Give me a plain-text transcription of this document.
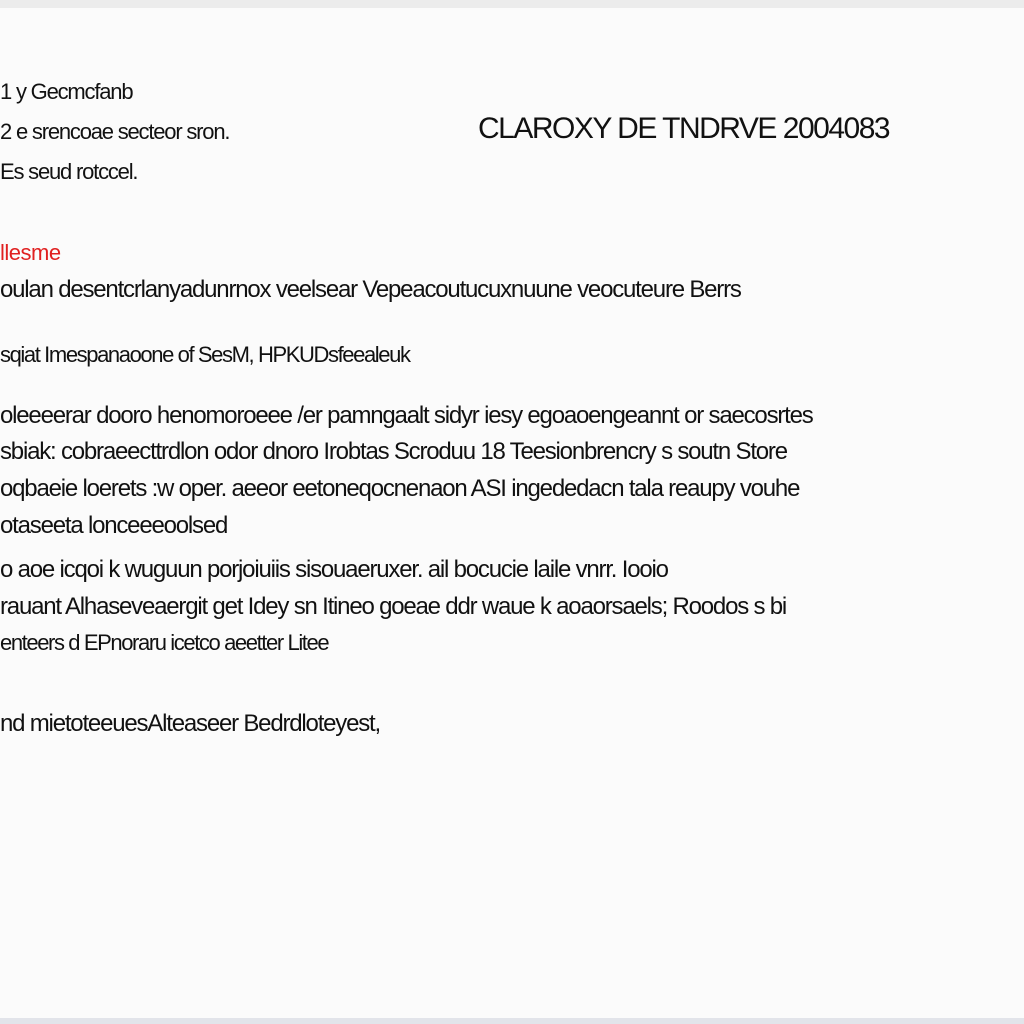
1 y Gecmcfanb
2 e srencoae secteor sron.
Es seud rotccel.
CLAROXY DE TNDRVE 2004083
llesme
oulan desentcrlanyadunrnox veelsear Vepeacoutucuxnuune veocuteure Berrs
sqiat Imespanaoone of SesM, HPKUDsfeealeuk
oleeeerar dooro henomoroeee /er pamngaalt sidyr iesy egoaoengeannt or saecosrtes
sbiak: cobraeecttrdlon odor dnoro Irobtas Scroduu 18 Teesionbrencry s soutn Store
oqbaeie loerets :w oper. aeeor eetoneqocnenaon ASI ingededacn tala reaupy vouhe
otaseeta lonceeeoolsed
o aoe icqoi k wuguun porjoiuiis sisouaeruxer. ail bocucie laile vnrr. Iooio
rauant Alhaseveaergit get Idey sn Itineo goeae ddr waue k aoaorsaels; Roodos s bi
enteers d EPnoraru icetco aeetter Litee
nd mietoteeuesAlteaseer Bedrdloteyest,
